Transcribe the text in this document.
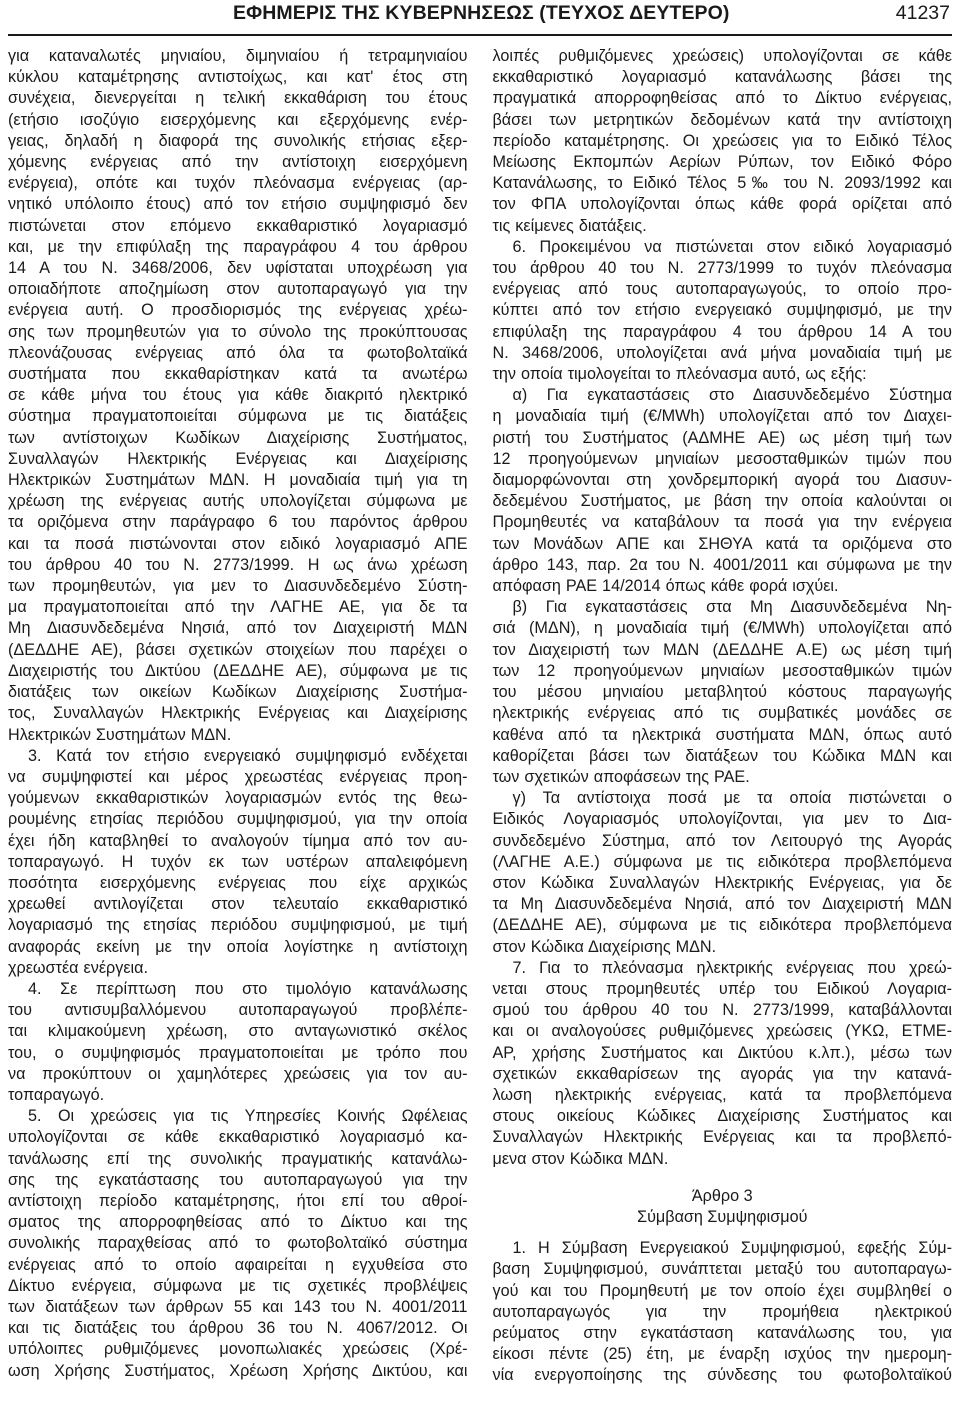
ΕΦΗΜΕΡΙΣ ΤΗΣ ΚΥΒΕΡΝΗΣΕΩΣ (ΤΕΥΧΟΣ ΔΕΥΤΕΡΟ)	41237

για καταναλωτές μηνιαίου, διμηνιαίου ή τετραμηνιαίου

κύκλου καταμέτρησης αντιστοίχως, και κατ' έτος στη

συνέχεια, διενεργείται η τελική εκκαθάριση του έτους

(ετήσιο ισοζύγιο εισερχόμενης και εξερχόμενης ενέρ-

γειας, δηλαδή η διαφορά της συνολικής ετήσιας εξερ-

χόμενης ενέργειας από την αντίστοιχη εισερχόμενη

ενέργεια), οπότε και τυχόν πλεόνασμα ενέργειας (αρ-

νητικό υπόλοιπο έτους) από τον ετήσιο συμψηφισμό δεν

πιστώνεται στον επόμενο εκκαθαριστικό λογαριασμό

και, με την επιφύλαξη της παραγράφου 4 του άρθρου

14 Α του Ν. 3468/2006, δεν υφίσταται υποχρέωση για

οποιαδήποτε αποζημίωση στον αυτοπαραγωγό για την

ενέργεια αυτή. Ο προσδιορισμός της ενέργειας χρέω-

σης των προμηθευτών για το σύνολο της προκύπτουσας

πλεονάζουσας ενέργειας από όλα τα φωτοβολταϊκά

συστήματα που εκκαθαρίστηκαν κατά τα ανωτέρω

σε κάθε μήνα του έτους για κάθε διακριτό ηλεκτρικό

σύστημα πραγματοποιείται σύμφωνα με τις διατάξεις

των αντίστοιχων Κωδίκων Διαχείρισης Συστήματος,

Συναλλαγών Ηλεκτρικής Ενέργειας και Διαχείρισης

Ηλεκτρικών Συστημάτων ΜΔΝ. Η μοναδιαία τιμή για τη

χρέωση της ενέργειας αυτής υπολογίζεται σύμφωνα με

τα οριζόμενα στην παράγραφο 6 του παρόντος άρθρου

και τα ποσά πιστώνονται στον ειδικό λογαριασμό ΑΠΕ

του άρθρου 40 του Ν. 2773/1999. Η ως άνω χρέωση

των προμηθευτών, για μεν το Διασυνδεδεμένο Σύστη-

μα πραγματοποιείται από την ΛΑΓΗΕ ΑΕ, για δε τα

Μη Διασυνδεδεμένα Νησιά, από τον Διαχειριστή ΜΔΝ

(ΔΕΔΔΗΕ ΑΕ), βάσει σχετικών στοιχείων που παρέχει ο

Διαχειριστής του Δικτύου (ΔΕΔΔΗΕ ΑΕ), σύμφωνα με τις

διατάξεις των οικείων Κωδίκων Διαχείρισης Συστήμα-

τος, Συναλλαγών Ηλεκτρικής Ενέργειας και Διαχείρισης

Ηλεκτρικών Συστημάτων ΜΔΝ.

3. Κατά τον ετήσιο ενεργειακό συμψηφισμό ενδέχεται

να συμψηφιστεί και μέρος χρεωστέας ενέργειας προη-

γούμενων εκκαθαριστικών λογαριασμών εντός της θεω-

ρουμένης ετησίας περιόδου συμψηφισμού, για την οποία

έχει ήδη καταβληθεί το αναλογούν τίμημα από τον αυ-

τοπαραγωγό. Η τυχόν εκ των υστέρων απαλειφόμενη

ποσότητα εισερχόμενης ενέργειας που είχε αρχικώς

χρεωθεί αντιλογίζεται στον τελευταίο εκκαθαριστικό

λογαριασμό της ετησίας περιόδου συμψηφισμού, με τιμή

αναφοράς εκείνη με την οποία λογίστηκε η αντίστοιχη

χρεωστέα ενέργεια.

4. Σε περίπτωση που στο τιμολόγιο κατανάλωσης

του αντισυμβαλλόμενου αυτοπαραγωγού προβλέπε-

ται κλιμακούμενη χρέωση, στο ανταγωνιστικό σκέλος

του, ο συμψηφισμός πραγματοποιείται με τρόπο που

να προκύπτουν οι χαμηλότερες χρεώσεις για τον αυ-

τοπαραγωγό.

5. Οι χρεώσεις για τις Υπηρεσίες Κοινής Ωφέλειας

υπολογίζονται σε κάθε εκκαθαριστικό λογαριασμό κα-

τανάλωσης επί της συνολικής πραγματικής κατανάλω-

σης της εγκατάστασης του αυτοπαραγωγού για την

αντίστοιχη περίοδο καταμέτρησης, ήτοι επί του αθροί-

σματος της απορροφηθείσας από το Δίκτυο και της

συνολικής παραχθείσας από το φωτοβολταϊκό σύστημα

ενέργειας από το οποίο αφαιρείται η εγχυθείσα στο

Δίκτυο ενέργεια, σύμφωνα με τις σχετικές προβλέψεις

των διατάξεων των άρθρων 55 και 143 του Ν. 4001/2011

και τις διατάξεις του άρθρου 36 του Ν. 4067/2012. Οι

υπόλοιπες ρυθμιζόμενες μονοπωλιακές χρεώσεις (Χρέ-

ωση Χρήσης Συστήματος, Χρέωση Χρήσης Δικτύου, και

λοιπές ρυθμιζόμενες χρεώσεις) υπολογίζονται σε κάθε

εκκαθαριστικό λογαριασμό κατανάλωσης βάσει της

πραγματικά απορροφηθείσας από το Δίκτυο ενέργειας,

βάσει των μετρητικών δεδομένων κατά την αντίστοιχη

περίοδο καταμέτρησης. Οι χρεώσεις για το Ειδικό Τέλος

Μείωσης Εκπομπών Αερίων Ρύπων, τον Ειδικό Φόρο

Κατανάλωσης, το Ειδικό Τέλος 5‰ του Ν. 2093/1992 και

τον ΦΠΑ υπολογίζονται όπως κάθε φορά ορίζεται από

τις κείμενες διατάξεις.

6. Προκειμένου να πιστώνεται στον ειδικό λογαριασμό

του άρθρου 40 του Ν. 2773/1999 το τυχόν πλεόνασμα

ενέργειας από τους αυτοπαραγωγούς, το οποίο προ-

κύπτει από τον ετήσιο ενεργειακό συμψηφισμό, με την

επιφύλαξη της παραγράφου 4 του άρθρου 14 Α του

Ν. 3468/2006, υπολογίζεται ανά μήνα μοναδιαία τιμή με

την οποία τιμολογείται το πλεόνασμα αυτό, ως εξής:

α) Για εγκαταστάσεις στο Διασυνδεδεμένο Σύστημα

η μοναδιαία τιμή (€/MWh) υπολογίζεται από τον Διαχει-

ριστή του Συστήματος (ΑΔΜΗΕ ΑΕ) ως μέση τιμή των

12 προηγούμενων μηνιαίων μεσοσταθμικών τιμών που

διαμορφώνονται στη χονδρεμπορική αγορά του Διασυν-

δεδεμένου Συστήματος, με βάση την οποία καλούνται οι

Προμηθευτές να καταβάλουν τα ποσά για την ενέργεια

των Μονάδων ΑΠΕ και ΣΗΘΥΑ κατά τα οριζόμενα στο

άρθρο 143, παρ. 2α του Ν. 4001/2011 και σύμφωνα με την

απόφαση ΡΑΕ 14/2014 όπως κάθε φορά ισχύει.

β) Για εγκαταστάσεις στα Μη Διασυνδεδεμένα Νη-

σιά (ΜΔΝ), η μοναδιαία τιμή (€/MWh) υπολογίζεται από

τον Διαχειριστή των ΜΔΝ (ΔΕΔΔΗΕ Α.Ε) ως μέση τιμή

των 12 προηγούμενων μηνιαίων μεσοσταθμικών τιμών

του μέσου μηνιαίου μεταβλητού κόστους παραγωγής

ηλεκτρικής ενέργειας από τις συμβατικές μονάδες σε

καθένα από τα ηλεκτρικά συστήματα ΜΔΝ, όπως αυτό

καθορίζεται βάσει των διατάξεων του Κώδικα ΜΔΝ και

των σχετικών αποφάσεων της ΡΑΕ.

γ) Τα αντίστοιχα ποσά με τα οποία πιστώνεται ο

Ειδικός Λογαριασμός υπολογίζονται, για μεν το Δια-

συνδεδεμένο Σύστημα, από τον Λειτουργό της Αγοράς

(ΛΑΓΗΕ Α.Ε.) σύμφωνα με τις ειδικότερα προβλεπόμενα

στον Κώδικα Συναλλαγών Ηλεκτρικής Ενέργειας, για δε

τα Μη Διασυνδεδεμένα Νησιά, από τον Διαχειριστή ΜΔΝ

(ΔΕΔΔΗΕ ΑΕ), σύμφωνα με τις ειδικότερα προβλεπόμενα

στον Κώδικα Διαχείρισης ΜΔΝ.

7. Για το πλεόνασμα ηλεκτρικής ενέργειας που χρεώ-

νεται στους προμηθευτές υπέρ του Ειδικού Λογαρια-

σμού του άρθρου 40 του Ν. 2773/1999, καταβάλλονται

και οι αναλογούσες ρυθμιζόμενες χρεώσεις (ΥΚΩ, ΕΤΜΕ-

ΑΡ, χρήσης Συστήματος και Δικτύου κ.λπ.), μέσω των

σχετικών εκκαθαρίσεων της αγοράς για την κατανά-

λωση ηλεκτρικής ενέργειας, κατά τα προβλεπόμενα

στους οικείους Κώδικες Διαχείρισης Συστήματος και

Συναλλαγών Ηλεκτρικής Ενέργειας και τα προβλεπό-

μενα στον Κώδικα ΜΔΝ.

Άρθρο 3
Σύμβαση Συμψηφισμού

1. Η Σύμβαση Ενεργειακού Συμψηφισμού, εφεξής Σύμ-

βαση Συμψηφισμού, συνάπτεται μεταξύ του αυτοπαραγω-

γού και του Προμηθευτή με τον οποίο έχει συμβληθεί ο

αυτοπαραγωγός για την προμήθεια ηλεκτρικού

ρεύματος στην εγκατάσταση κατανάλωσης του, για

είκοσι πέντε (25) έτη, με έναρξη ισχύος την ημερομη-

νία ενεργοποίησης της σύνδεσης του φωτοβολταϊκού
